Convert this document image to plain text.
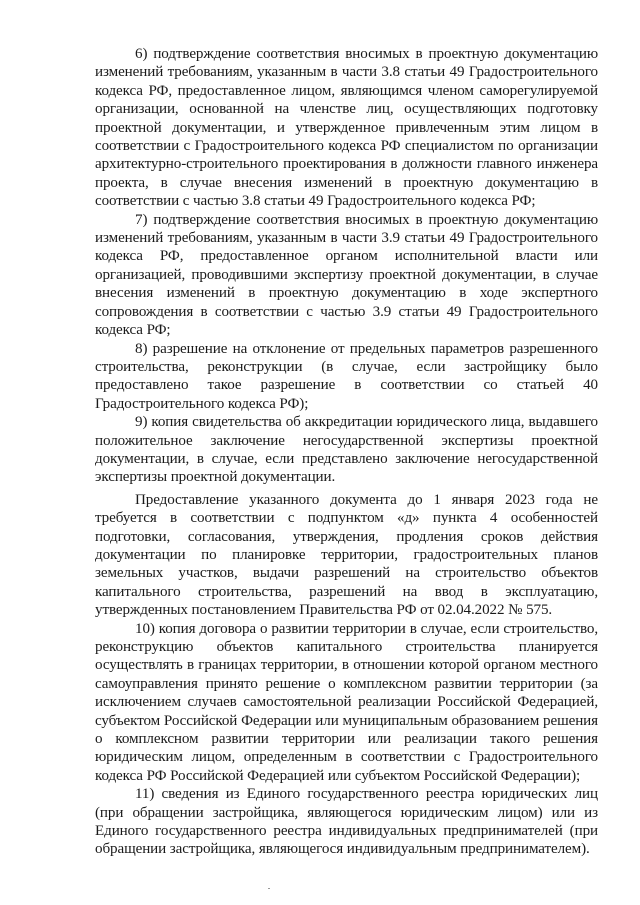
6) подтверждение соответствия вносимых в проектную документацию изменений требованиям, указанным в части 3.8 статьи 49 Градостроительного кодекса РФ, предоставленное лицом, являющимся членом саморегулируемой организации, основанной на членстве лиц, осуществляющих подготовку проектной документации, и утвержденное привлеченным этим лицом в соответствии с Градостроительного кодекса РФ специалистом по организации архитектурно-строительного проектирования в должности главного инженера проекта, в случае внесения изменений в проектную документацию в соответствии с частью 3.8 статьи 49 Градостроительного кодекса РФ;

7) подтверждение соответствия вносимых в проектную документацию изменений требованиям, указанным в части 3.9 статьи 49 Градостроительного кодекса РФ, предоставленное органом исполнительной власти или организацией, проводившими экспертизу проектной документации, в случае внесения изменений в проектную документацию в ходе экспертного сопровождения в соответствии с частью 3.9 статьи 49 Градостроительного кодекса РФ;

8) разрешение на отклонение от предельных параметров разрешенного строительства, реконструкции (в случае, если застройщику было предоставлено такое разрешение в соответствии со статьей 40 Градостроительного кодекса РФ);

9) копия свидетельства об аккредитации юридического лица, выдавшего положительное заключение негосударственной экспертизы проектной документации, в случае, если представлено заключение негосударственной экспертизы проектной документации.

Предоставление указанного документа до 1 января 2023 года не требуется в соответствии с подпунктом «д» пункта 4 особенностей подготовки, согласования, утверждения, продления сроков действия документации по планировке территории, градостроительных планов земельных участков, выдачи разрешений на строительство объектов капитального строительства, разрешений на ввод в эксплуатацию, утвержденных постановлением Правительства РФ от 02.04.2022 № 575.

10) копия договора о развитии территории в случае, если строительство, реконструкцию объектов капитального строительства планируется осуществлять в границах территории, в отношении которой органом местного самоуправления принято решение о комплексном развитии территории (за исключением случаев самостоятельной реализации Российской Федерацией, субъектом Российской Федерации или муниципальным образованием решения о комплексном развитии территории или реализации такого решения юридическим лицом, определенным в соответствии с Градостроительного кодекса РФ Российской Федерацией или субъектом Российской Федерации);

11) сведения из Единого государственного реестра юридических лиц (при обращении застройщика, являющегося юридическим лицом) или из Единого государственного реестра индивидуальных предпринимателей (при обращении застройщика, являющегося индивидуальным предпринимателем).
